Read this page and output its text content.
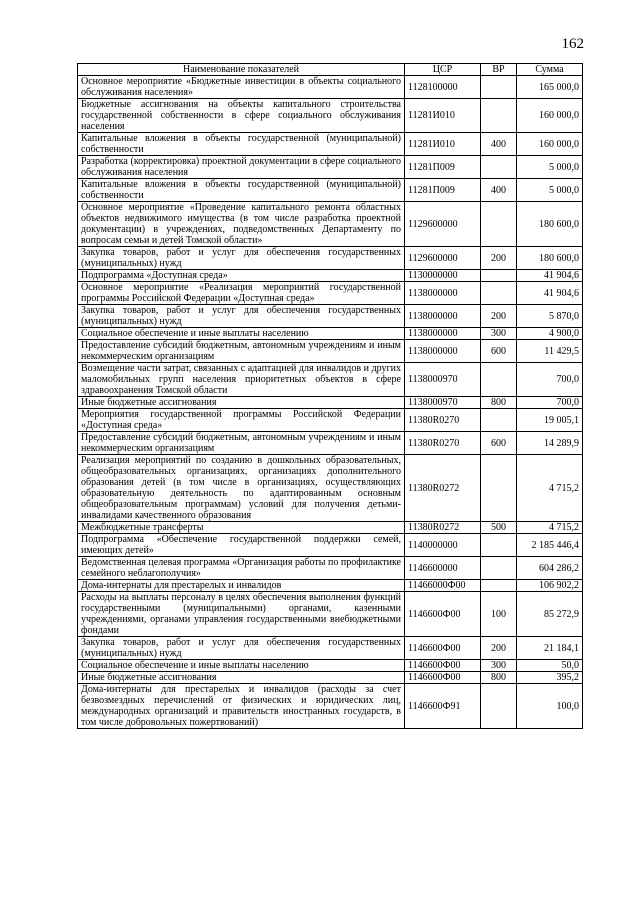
162
Наименование показателей	ЦСР	ВР	Сумма
Основное мероприятие «Бюджетные инвестиции в объекты социального обслуживания населения»	1128100000		165 000,0
Бюджетные ассигнования на объекты капитального строительства государственной собственности в сфере социального обслуживания населения	11281И010		160 000,0
Капитальные вложения в объекты государственной (муниципальной) собственности	11281И010	400	160 000,0
Разработка (корректировка) проектной документации в сфере социального обслуживания населения	11281П009		5 000,0
Капитальные вложения в объекты государственной (муниципальной) собственности	11281П009	400	5 000,0
Основное мероприятие «Проведение капитального ремонта областных объектов недвижимого имущества (в том числе разработка проектной документации) в учреждениях, подведомственных Департаменту по вопросам семьи и детей Томской области»	1129600000		180 600,0
Закупка товаров, работ и услуг для обеспечения государственных (муниципальных) нужд	1129600000	200	180 600,0
Подпрограмма «Доступная среда»	1130000000		41 904,6
Основное мероприятие «Реализация мероприятий государственной программы Российской Федерации «Доступная среда»	1138000000		41 904,6
Закупка товаров, работ и услуг для обеспечения государственных (муниципальных) нужд	1138000000	200	5 870,0
Социальное обеспечение и иные выплаты населению	1138000000	300	4 900,0
Предоставление субсидий бюджетным, автономным учреждениям и иным некоммерческим организациям	1138000000	600	11 429,5
Возмещение части затрат, связанных с адаптацией для инвалидов и других маломобильных групп населения приоритетных объектов в сфере здравоохранения Томской области	1138000970		700,0
Иные бюджетные ассигнования	1138000970	800	700,0
Мероприятия государственной программы Российской Федерации «Доступная среда»	11380R0270		19 005,1
Предоставление субсидий бюджетным, автономным учреждениям и иным некоммерческим организациям	11380R0270	600	14 289,9
Реализация мероприятий по созданию в дошкольных образовательных, общеобразовательных организациях, организациях дополнительного образования детей (в том числе в организациях, осуществляющих образовательную деятельность по адаптированным основным общеобразовательным программам) условий для получения детьми-инвалидами качественного образования	11380R0272		4 715,2
Межбюджетные трансферты	11380R0272	500	4 715,2
Подпрограмма «Обеспечение государственной поддержки семей, имеющих детей»	1140000000		2 185 446,4
Ведомственная целевая программа «Организация работы по профилактике семейного неблагополучия»	1146600000		604 286,2
Дома-интернаты для престарелых и инвалидов	11466000Ф00		106 902,2
Расходы на выплаты персоналу в целях обеспечения выполнения функций государственными (муниципальными) органами, казенными учреждениями, органами управления государственными внебюджетными фондами	1146600Ф00	100	85 272,9
Закупка товаров, работ и услуг для обеспечения государственных (муниципальных) нужд	1146600Ф00	200	21 184,1
Социальное обеспечение и иные выплаты населению	1146600Ф00	300	50,0
Иные бюджетные ассигнования	1146600Ф00	800	395,2
Дома-интернаты для престарелых и инвалидов (расходы за счет безвозмездных перечислений от физических и юридических лиц, международных организаций и правительств иностранных государств, в том числе добровольных пожертвований)	1146600Ф91		100,0
